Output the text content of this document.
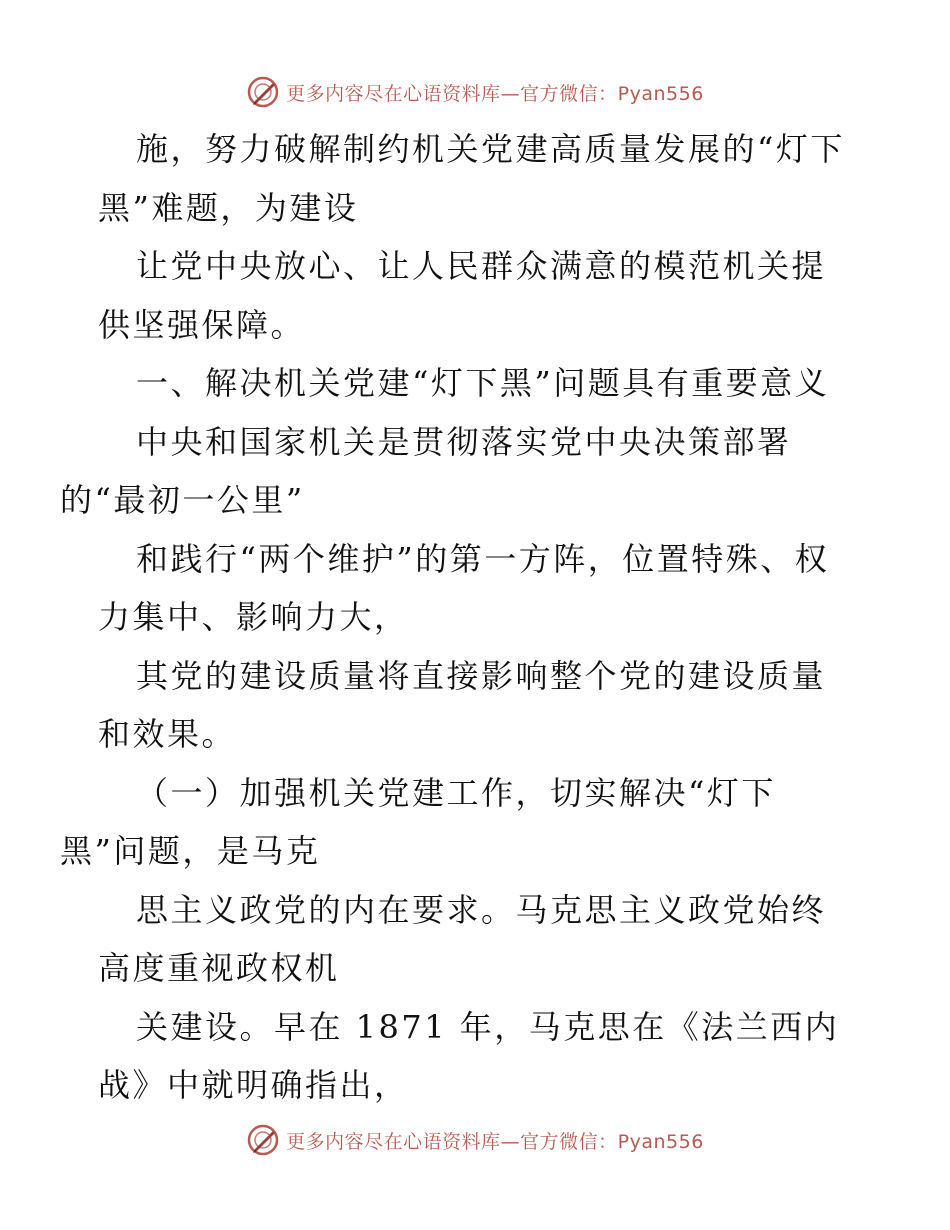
更多内容尽在心语资料库—官方微信：Pyan556

施，努力破解制约机关党建高质量发展的“灯下黑”难题，为建设

让党中央放心、让人民群众满意的模范机关提供坚强保障。

一、解决机关党建“灯下黑”问题具有重要意义

中央和国家机关是贯彻落实党中央决策部署
的“最初一公里”

和践行“两个维护”的第一方阵，位置特殊、权力集中、影响力大，

其党的建设质量将直接影响整个党的建设质量和效果。

（一）加强机关党建工作，切实解决“灯下
黑”问题，是马克

思主义政党的内在要求。马克思主义政党始终高度重视政权机

关建设。早在 1871 年，马克思在《法兰西内战》中就明确指出，

更多内容尽在心语资料库—官方微信：Pyan556
